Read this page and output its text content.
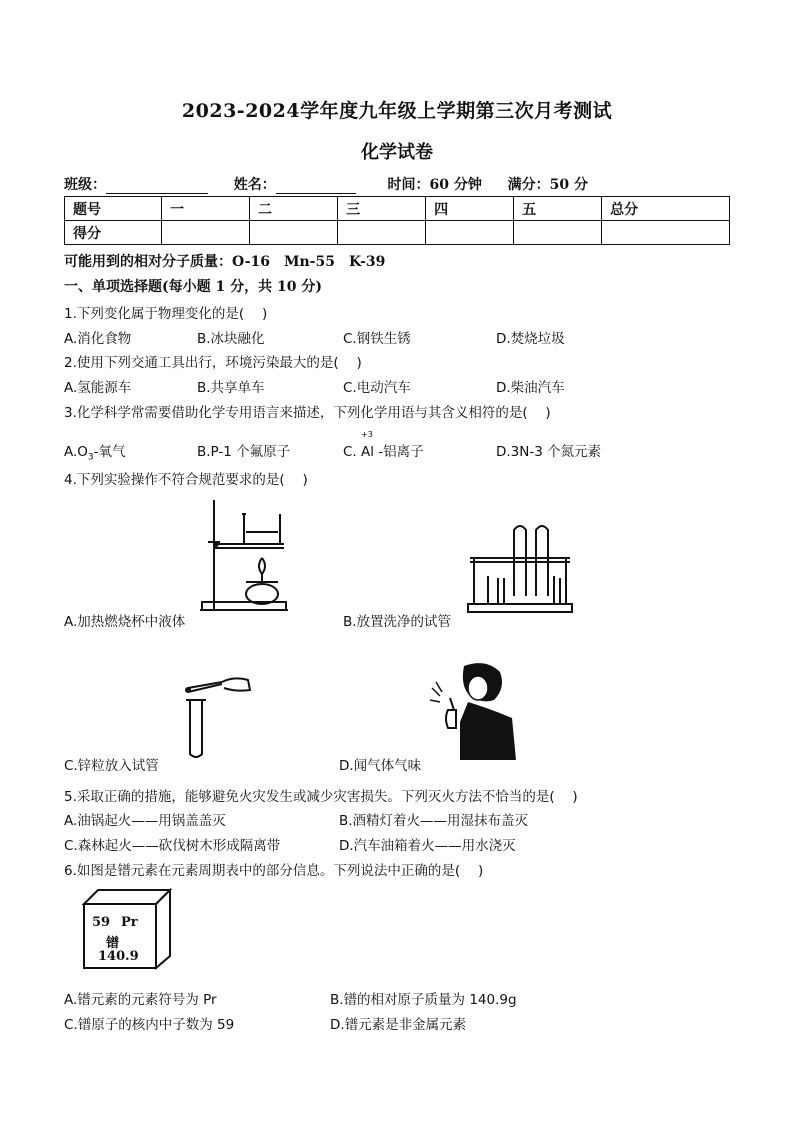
2023-2024学年度九年级上学期第三次月考测试
化学试卷
班级：	姓名：	时间：60 分钟 满分：50 分
题号	一	二	三	四	五	总分
得分						
可能用到的相对分子质量：O-16　Mn-55　K-39
一、单项选择题(每小题 1 分，共 10 分)
1.下列变化属于物理变化的是(　 )
A.消化食物	B.冰块融化	C.钢铁生锈	D.焚烧垃圾
2.使用下列交通工具出行，环境污染最大的是(　 )
A.氢能源车	B.共享单车	C.电动汽车	D.柴油汽车
3.化学科学常需要借助化学专用语言来描述，下列化学用语与其含义相符的是(　 )
$A.O_3-$氧气	B.P-1 个氟原子	C. Al -铝离子
+3
D.3N-3 个氮元素
4.下列实验操作不符合规范要求的是(　 )
A.加热燃烧杯中液体	B.放置洗净的试管
C.锌粒放入试管	D.闻气体气味
5.采取正确的措施，能够避免火灾发生或减少灾害损失。下列灭火方法不恰当的是(　 )
A.油锅起火——用锅盖盖灭	B.酒精灯着火——用湿抹布盖灭
C.森林起火——砍伐树木形成隔离带	D.汽车油箱着火——用水浇灭
6.如图是镨元素在元素周期表中的部分信息。下列说法中正确的是(　 )
59 Pr
镨
140.9
A.镨元素的元素符号为 Pr	B.镨的相对原子质量为 140.9g
C.镨原子的核内中子数为 59	D.镨元素是非金属元素
